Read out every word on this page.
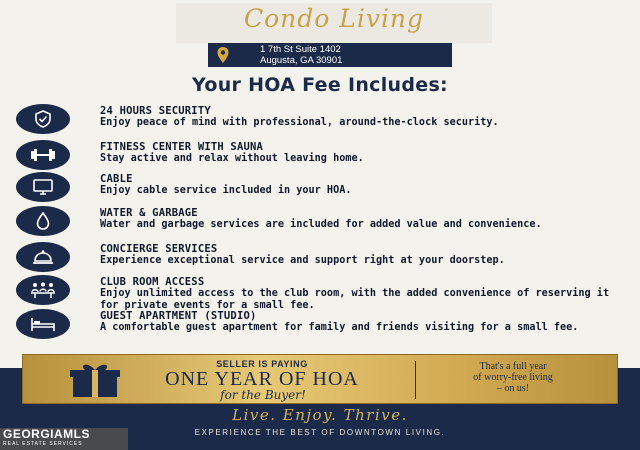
Condo Living
1 7th St Suite 1402
Augusta, GA 30901
Your HOA Fee Includes:
24 HOURS SECURITY
Enjoy peace of mind with professional, around-the-clock security.
FITNESS CENTER WITH SAUNA
Stay active and relax without leaving home.
CABLE
Enjoy cable service included in your HOA.
WATER & GARBAGE
Water and garbage services are included for added value and convenience.
CONCIERGE SERVICES
Experience exceptional service and support right at your doorstep.
CLUB ROOM ACCESS
Enjoy unlimited access to the club room, with the added convenience of reserving it for private events for a small fee.
GUEST APARTMENT (STUDIO)
A comfortable guest apartment for family and friends visiting for a small fee.
SELLER IS PAYING
ONE YEAR OF HOA
for the Buyer!
That's a full year
of worry-free living
– on us!
Live. Enjoy. Thrive.
EXPERIENCE THE BEST OF DOWNTOWN LIVING.
GEORGIAMLS
REAL ESTATE SERVICES
